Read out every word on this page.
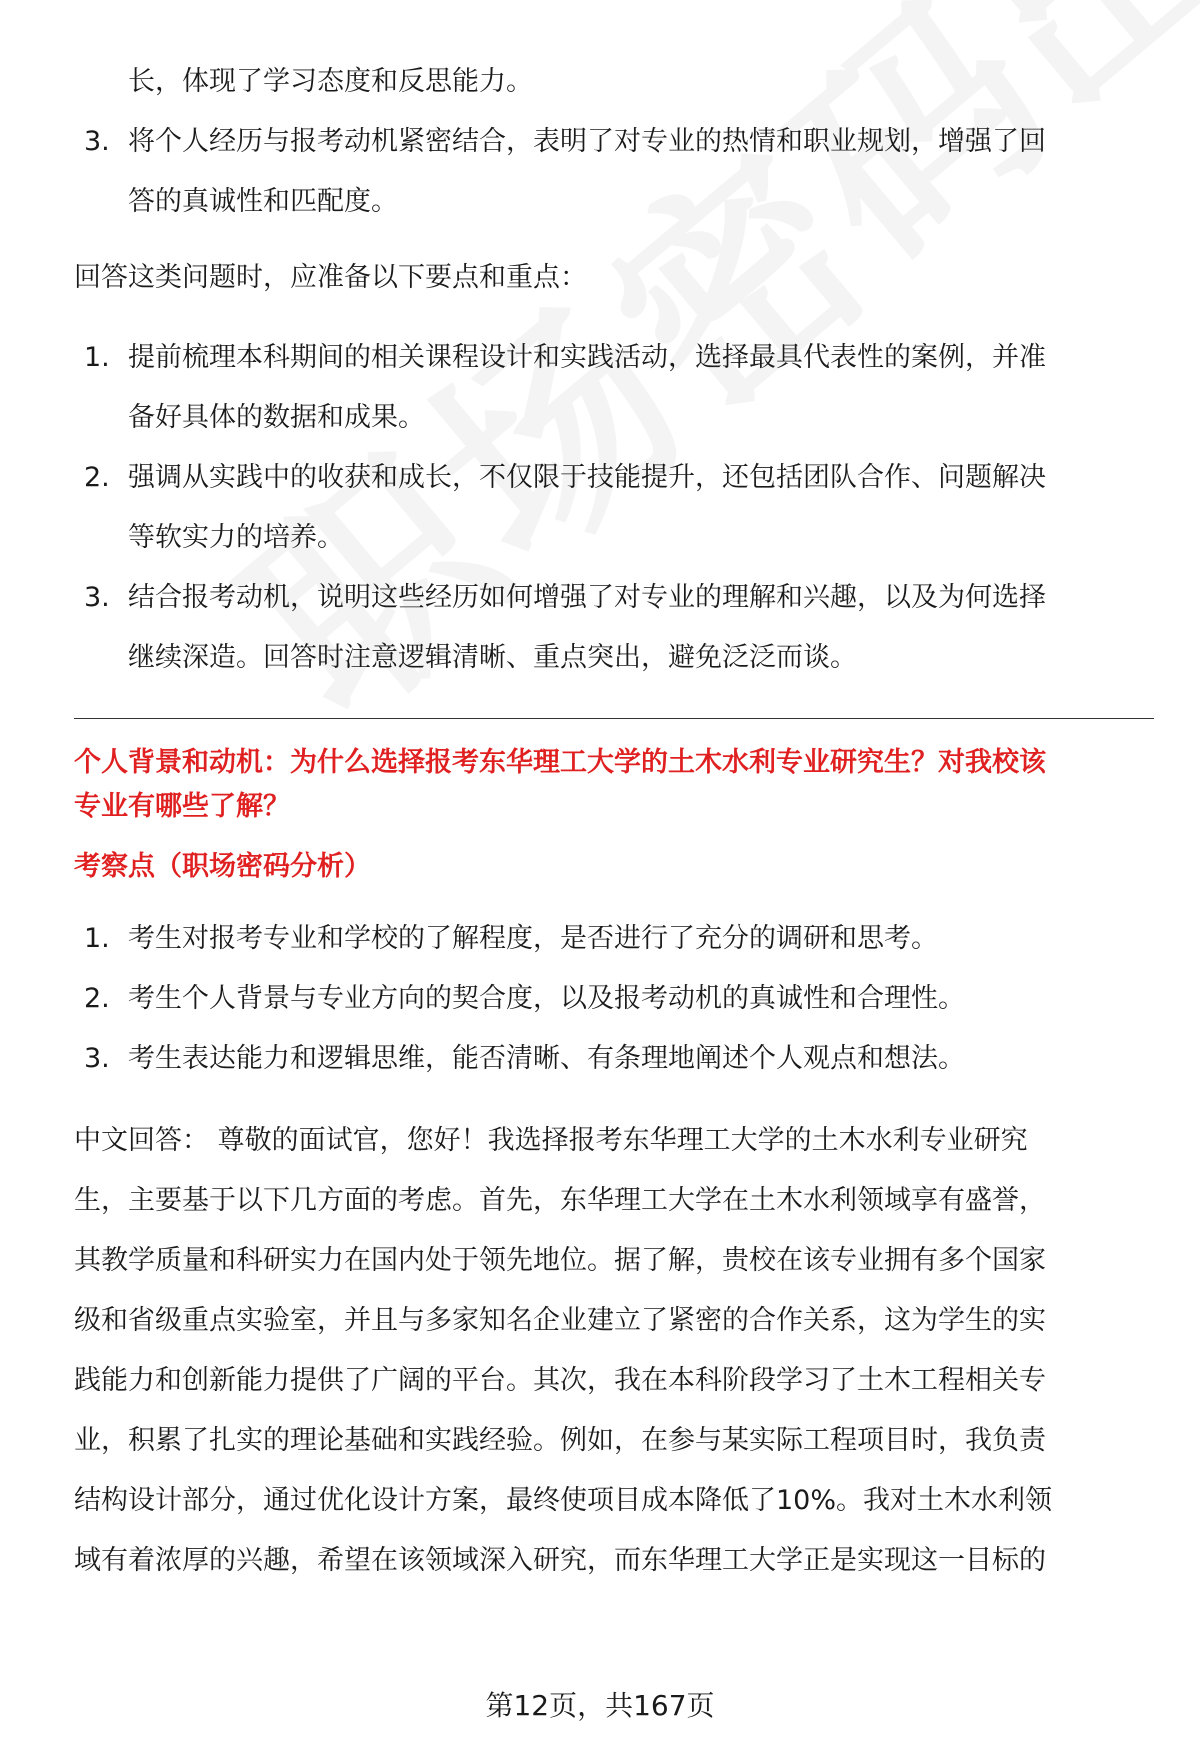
长，体现了学习态度和反思能力。

3. 将个人经历与报考动机紧密结合，表明了对专业的热情和职业规划，增强了回
答的真诚性和匹配度。

回答这类问题时，应准备以下要点和重点：

1. 提前梳理本科期间的相关课程设计和实践活动，选择最具代表性的案例，并准
备好具体的数据和成果。
2. 强调从实践中的收获和成长，不仅限于技能提升，还包括团队合作、问题解决
等软实力的培养。
3. 结合报考动机，说明这些经历如何增强了对专业的理解和兴趣，以及为何选择
继续深造。回答时注意逻辑清晰、重点突出，避免泛泛而谈。

个人背景和动机：为什么选择报考东华理工大学的土木水利专业研究生？对我校该
专业有哪些了解？

考察点（职场密码分析）

1. 考生对报考专业和学校的了解程度，是否进行了充分的调研和思考。
2. 考生个人背景与专业方向的契合度，以及报考动机的真诚性和合理性。
3. 考生表达能力和逻辑思维，能否清晰、有条理地阐述个人观点和想法。
中文回答： 尊敬的面试官，您好！我选择报考东华理工大学的土木水利专业研究
生，主要基于以下几方面的考虑。首先，东华理工大学在土木水利领域享有盛誉，
其教学质量和科研实力在国内处于领先地位。据了解，贵校在该专业拥有多个国家
级和省级重点实验室，并且与多家知名企业建立了紧密的合作关系，这为学生的实
践能力和创新能力提供了广阔的平台。其次，我在本科阶段学习了土木工程相关专
业，积累了扎实的理论基础和实践经验。例如，在参与某实际工程项目时，我负责
结构设计部分，通过优化设计方案，最终使项目成本降低了10%。我对土木水利领
域有着浓厚的兴趣，希望在该领域深入研究，而东华理工大学正是实现这一目标的
第12页，共167页
